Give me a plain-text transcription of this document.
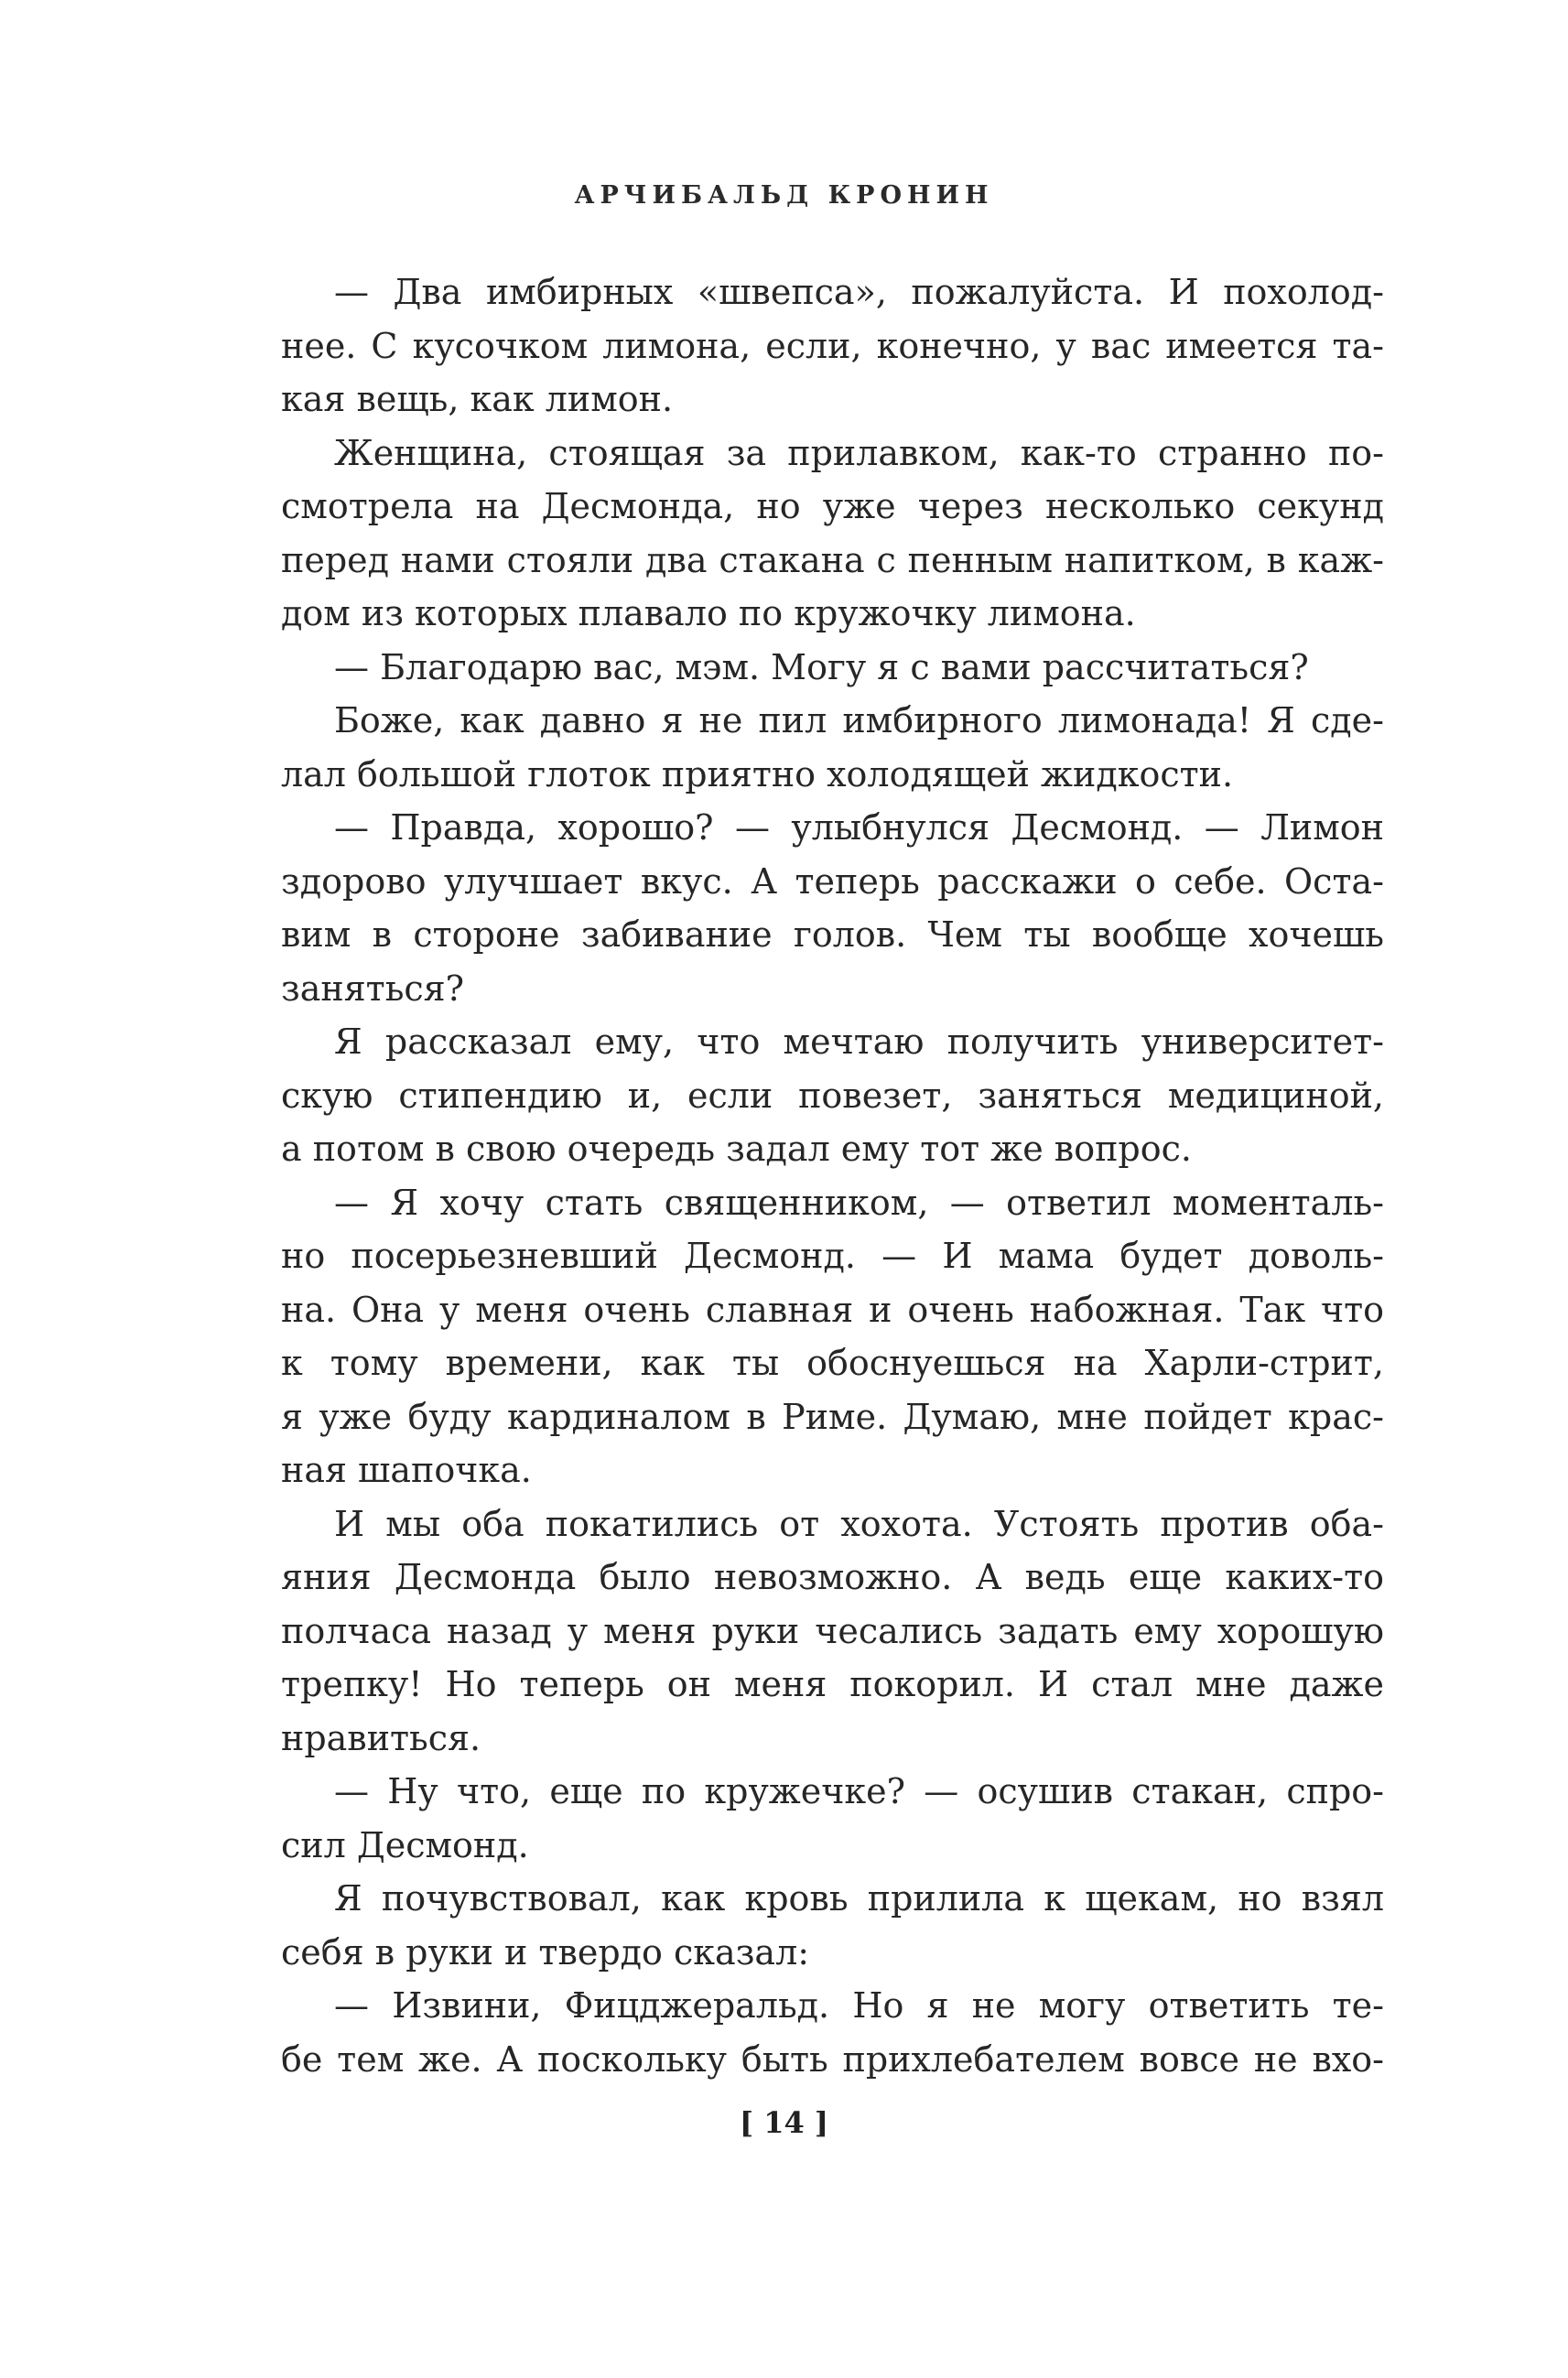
АРЧИБАЛЬД КРОНИН
— Два имбирных «швепса», пожалуйста. И похолод-
нее. С кусочком лимона, если, конечно, у вас имеется та-
кая вещь, как лимон.
Женщина, стоящая за прилавком, как-то странно по-
смотрела на Десмонда, но уже через несколько секунд
перед нами стояли два стакана с пенным напитком, в каж-
дом из которых плавало по кружочку лимона.
— Благодарю вас, мэм. Могу я с вами рассчитаться?
Боже, как давно я не пил имбирного лимонада! Я сде-
лал большой глоток приятно холодящей жидкости.
— Правда, хорошо? — улыбнулся Десмонд. — Лимон
здорово улучшает вкус. А теперь расскажи о себе. Оста-
вим в стороне забивание голов. Чем ты вообще хочешь
заняться?
Я рассказал ему, что мечтаю получить университет-
скую стипендию и, если повезет, заняться медициной,
а потом в свою очередь задал ему тот же вопрос.
— Я хочу стать священником, — ответил моменталь-
но посерьезневший Десмонд. — И мама будет доволь-
на. Она у меня очень славная и очень набожная. Так что
к тому времени, как ты обоснуешься на Харли-стрит,
я уже буду кардиналом в Риме. Думаю, мне пойдет крас-
ная шапочка.
И мы оба покатились от хохота. Устоять против оба-
яния Десмонда было невозможно. А ведь еще каких-то
полчаса назад у меня руки чесались задать ему хорошую
трепку! Но теперь он меня покорил. И стал мне даже
нравиться.
— Ну что, еще по кружечке? — осушив стакан, спро-
сил Десмонд.
Я почувствовал, как кровь прилила к щекам, но взял
себя в руки и твердо сказал:
— Извини, Фицджеральд. Но я не могу ответить те-
бе тем же. А поскольку быть прихлебателем вовсе не вхо-
[ 14 ]
